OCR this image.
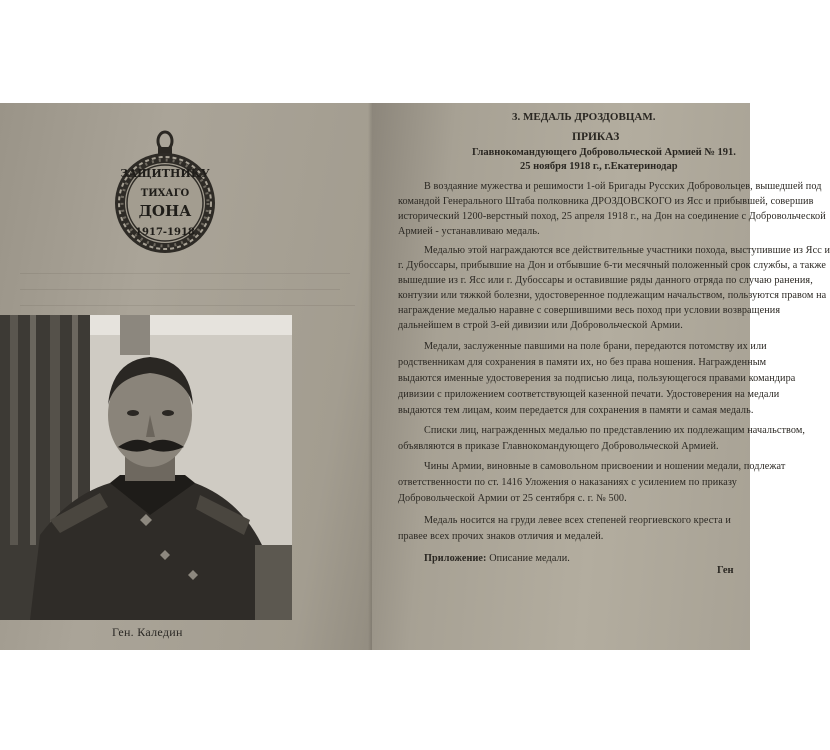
ЗАЩИТНИКУ
ТИХАГО
ДОНА
1917-1918
Ген. Каледин
3. МЕДАЛЬ ДРОЗДОВЦАМ.
ПРИКАЗ
Главнокомандующего Добровольческой Армией № 191.
25 ноября 1918 г., г.Екатеринодар
В воздаяние мужества и решимости 1-ой Бригады Русских Добровольцев, вышедшей под
командой Генерального Штаба полковника ДРОЗДОВСКОГО из Ясс и прибывшей, совершив
исторический 1200-верстный поход, 25 апреля 1918 г., на Дон на соединение с Добровольческой
Армией - устанавливаю медаль.
Медалью этой награждаются все действительные участники похода, выступившие из Ясс и
г. Дубоссары, прибывшие на Дон и отбывшие 6-ти месячный положенный срок службы, а также
вышедшие из г. Ясс или г. Дубоссары и оставившие ряды данного отряда по случаю ранения,
контузии или тяжкой болезни, удостоверенное подлежащим начальством, пользуются правом на
награждение медалью наравне с совершившими весь поход при условии возвращения
дальнейшем в строй 3-ей дивизии или Добровольческой Армии.
Медали, заслуженные павшими на поле брани, передаются потомству их или
родственникам для сохранения в памяти их, но без права ношения. Награжденным
выдаются именные удостоверения за подписью лица, пользующегося правами командира
дивизии с приложением соответствующей казенной печати. Удостоверения на медали
выдаются тем лицам, коим передается для сохранения в памяти и самая медаль.
Списки лиц, награжденных медалью по представлению их подлежащим начальством,
объявляются в приказе Главнокомандующего Добровольческой Армией.
Чины Армии, виновные в самовольном присвоении и ношении медали, подлежат
ответственности по ст. 1416 Уложения о наказаниях с усилением по приказу
Добровольческой Армии от 25 сентября с. г. № 500.
Медаль носится на груди левее всех степеней георгиевского креста и
правее всех прочих знаков отличия и медалей.
Приложение: Описание медали.
Ген
